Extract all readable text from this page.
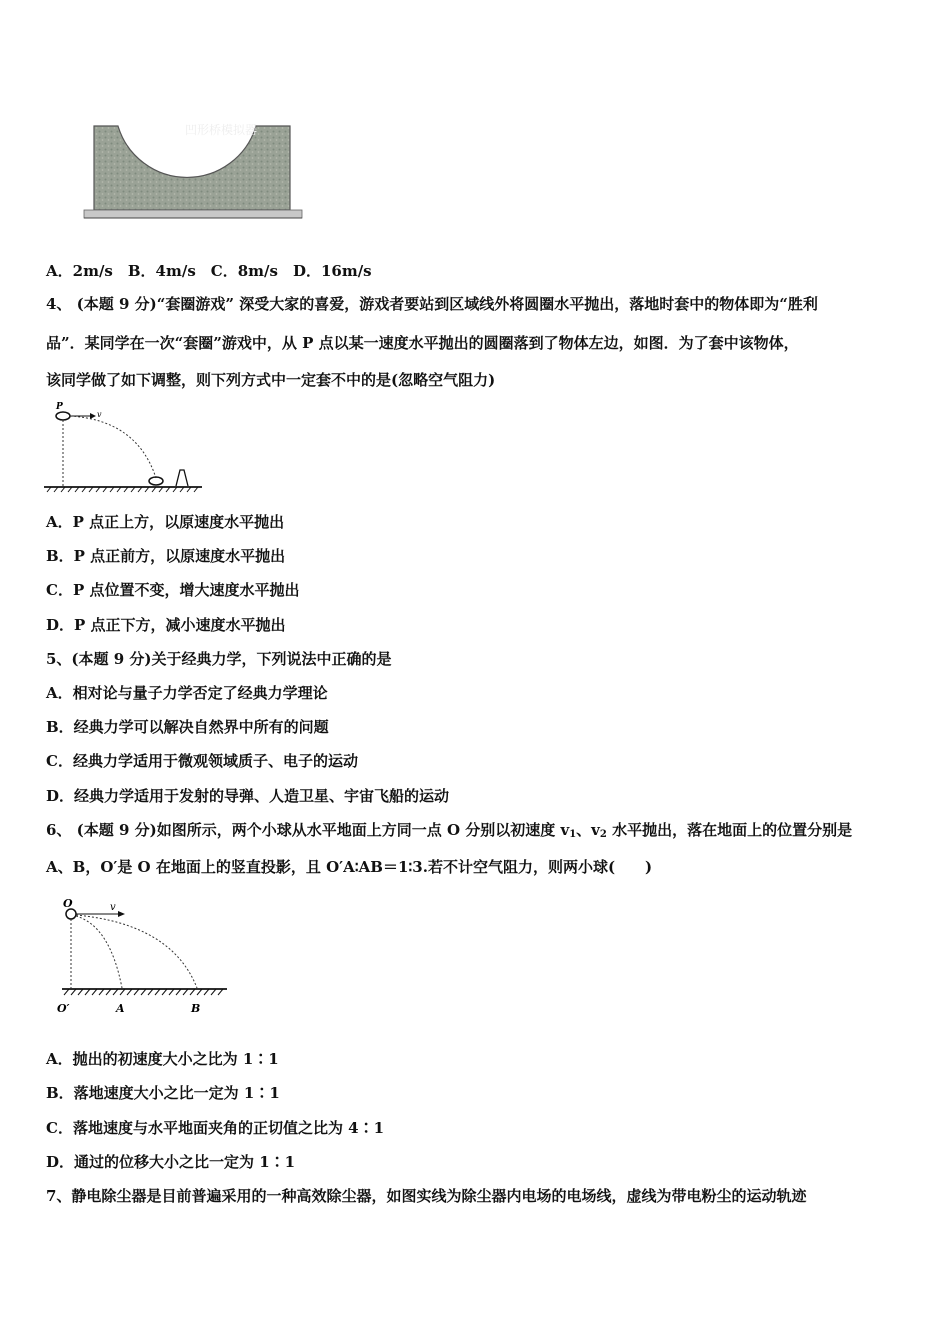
凹形桥模拟器
A．2m/s　B．4m/s　C．8m/s　D．16m/s
4、 (本题 9 分)“套圈游戏” 深受大家的喜爱，游戏者要站到区域线外将圆圈水平抛出，落地时套中的物体即为“胜利
品”．某同学在一次“套圈”游戏中，从 P 点以某一速度水平抛出的圆圈落到了物体左边，如图．为了套中该物体，
该同学做了如下调整，则下列方式中一定套不中的是(忽略空气阻力)
P
v
A．P 点正上方，以原速度水平抛出
B．P 点正前方，以原速度水平抛出
C．P 点位置不变，增大速度水平抛出
D．P 点正下方，减小速度水平抛出
5、(本题 9 分)关于经典力学，下列说法中正确的是
A．相对论与量子力学否定了经典力学理论
B．经典力学可以解决自然界中所有的问题
C．经典力学适用于微观领域质子、电子的运动
D．经典力学适用于发射的导弹、人造卫星、宇宙飞船的运动
6、 (本题 9 分)如图所示，两个小球从水平地面上方同一点 O 分别以初速度 $v_1$、$v_2$ 水平抛出，落在地面上的位置分别是
A、B，O′是 O 在地面上的竖直投影，且 O′A∶AB＝1∶3.若不计空气阻力，则两小球(　　)
O	v
O′	A	B
A．抛出的初速度大小之比为 1∶1
B．落地速度大小之比一定为 1∶1
C．落地速度与水平地面夹角的正切值之比为 4∶1
D．通过的位移大小之比一定为 1∶1
7、静电除尘器是目前普遍采用的一种高效除尘器，如图实线为除尘器内电场的电场线，虚线为带电粉尘的运动轨迹
